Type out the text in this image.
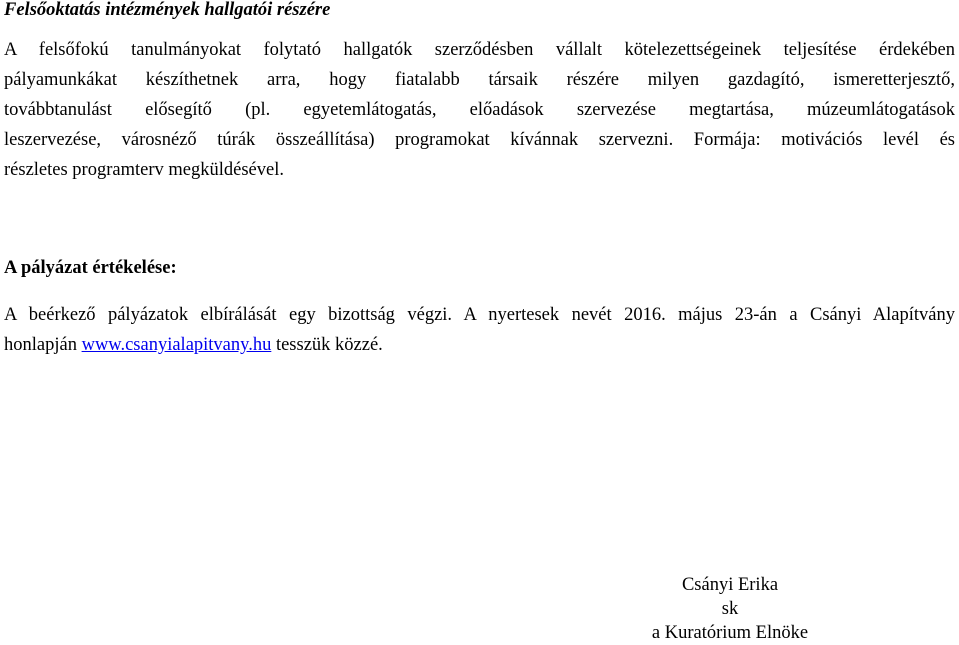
Felsőoktatás intézmények hallgatói részére
A felsőfokú tanulmányokat folytató hallgatók szerződésben vállalt kötelezettségeinek teljesítése érdekében
pályamunkákat készíthetnek arra, hogy fiatalabb társaik részére milyen gazdagító, ismeretterjesztő,
továbbtanulást elősegítő (pl. egyetemlátogatás, előadások szervezése megtartása, múzeumlátogatások
leszervezése, városnéző túrák összeállítása) programokat kívánnak szervezni. Formája: motivációs levél és
részletes programterv megküldésével.
A pályázat értékelése:
A beérkező pályázatok elbírálását egy bizottság végzi. A nyertesek nevét 2016. május 23-án a Csányi Alapítvány
honlapján www.csanyialapitvany.hu tesszük közzé.
Csányi Erika
sk
a Kuratórium Elnöke
